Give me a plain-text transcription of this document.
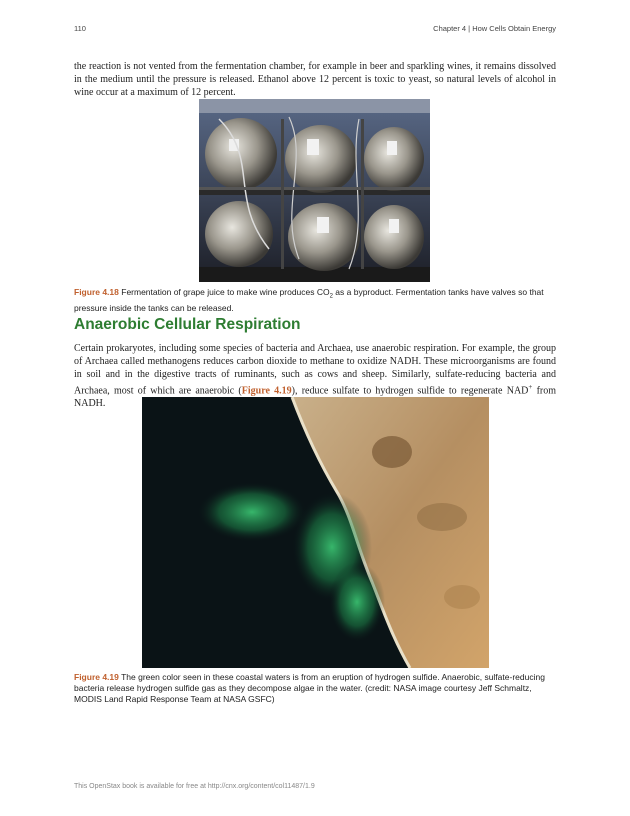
110	Chapter 4 | How Cells Obtain Energy
the reaction is not vented from the fermentation chamber, for example in beer and sparkling wines, it remains dissolved in the medium until the pressure is released. Ethanol above 12 percent is toxic to yeast, so natural levels of alcohol in wine occur at a maximum of 12 percent.
Figure 4.18 Fermentation of grape juice to make wine produces $CO_2$ as a byproduct. Fermentation tanks have valves so that pressure inside the tanks can be released.
Anaerobic Cellular Respiration
Certain prokaryotes, including some species of bacteria and Archaea, use anaerobic respiration. For example, the group of Archaea called methanogens reduces carbon dioxide to methane to oxidize NADH. These microorganisms are found in soil and in the digestive tracts of ruminants, such as cows and sheep. Similarly, sulfate-reducing bacteria and Archaea, most of which are anaerobic (Figure 4.19), reduce sulfate to hydrogen sulfide to regenerate NAD+ from NADH.
Figure 4.19 The green color seen in these coastal waters is from an eruption of hydrogen sulfide. Anaerobic, sulfate-reducing bacteria release hydrogen sulfide gas as they decompose algae in the water. (credit: NASA image courtesy Jeff Schmaltz, MODIS Land Rapid Response Team at NASA GSFC)
This OpenStax book is available for free at http://cnx.org/content/col11487/1.9
